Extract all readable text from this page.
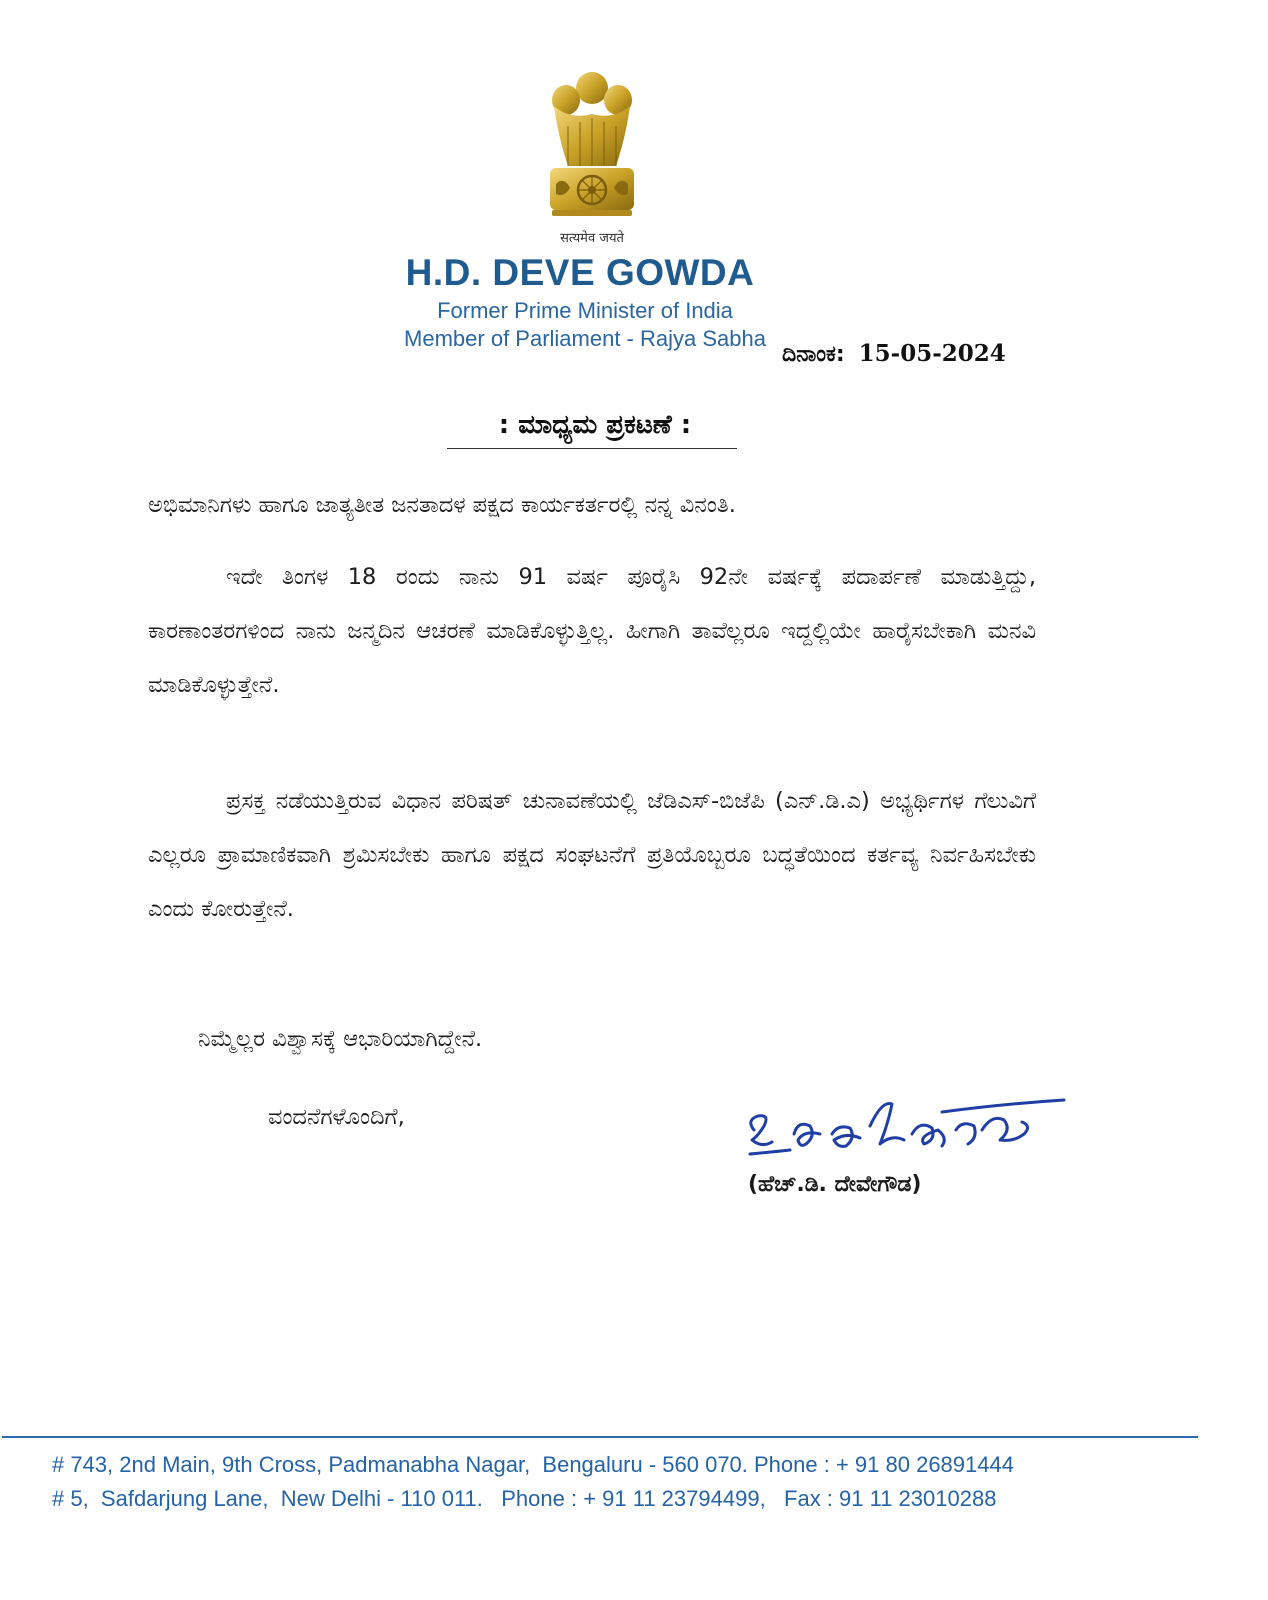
सत्यमेव जयते
H.D. DEVE GOWDA
Former Prime Minister of India
Member of Parliament - Rajya Sabha
ದಿನಾಂಕ: 15-05-2024
: ಮಾಧ್ಯಮ ಪ್ರಕಟಣೆ :
ಅಭಿಮಾನಿಗಳು ಹಾಗೂ ಜಾತ್ಯತೀತ ಜನತಾದಳ ಪಕ್ಷದ ಕಾರ್ಯಕರ್ತರಲ್ಲಿ ನನ್ನ ವಿನಂತಿ.
ಇದೇ ತಿಂಗಳ 18 ರಂದು ನಾನು 91 ವರ್ಷ ಪೂರೈಸಿ 92ನೇ ವರ್ಷಕ್ಕೆ ಪದಾರ್ಪಣೆ ಮಾಡುತ್ತಿದ್ದು, ಕಾರಣಾಂತರಗಳಿಂದ ನಾನು ಜನ್ಮದಿನ ಆಚರಣೆ ಮಾಡಿಕೊಳ್ಳುತ್ತಿಲ್ಲ. ಹೀಗಾಗಿ ತಾವೆಲ್ಲರೂ ಇದ್ದಲ್ಲಿಯೇ ಹಾರೈಸಬೇಕಾಗಿ ಮನವಿ ಮಾಡಿಕೊಳ್ಳುತ್ತೇನೆ.
ಪ್ರಸಕ್ತ ನಡೆಯುತ್ತಿರುವ ವಿಧಾನ ಪರಿಷತ್ ಚುನಾವಣೆಯಲ್ಲಿ ಜೆಡಿಎಸ್-ಬಿಜೆಪಿ (ಎನ್.ಡಿ.ಎ) ಅಭ್ಯರ್ಥಿಗಳ ಗೆಲುವಿಗೆ ಎಲ್ಲರೂ ಪ್ರಾಮಾಣಿಕವಾಗಿ ಶ್ರಮಿಸಬೇಕು ಹಾಗೂ ಪಕ್ಷದ ಸಂಘಟನೆಗೆ ಪ್ರತಿಯೊಬ್ಬರೂ ಬದ್ಧತೆಯಿಂದ ಕರ್ತವ್ಯ ನಿರ್ವಹಿಸಬೇಕು ಎಂದು ಕೋರುತ್ತೇನೆ.
ನಿಮ್ಮೆಲ್ಲರ ವಿಶ್ವಾಸಕ್ಕೆ ಆಭಾರಿಯಾಗಿದ್ದೇನೆ.
ವಂದನೆಗಳೊಂದಿಗೆ,
(ಹೆಚ್.ಡಿ. ದೇವೇಗೌಡ)
# 743, 2nd Main, 9th Cross, Padmanabha Nagar,  Bengaluru - 560 070. Phone : + 91 80 26891444
# 5,  Safdarjung Lane,  New Delhi - 110 011.   Phone : + 91 11 23794499,   Fax : 91 11 23010288
